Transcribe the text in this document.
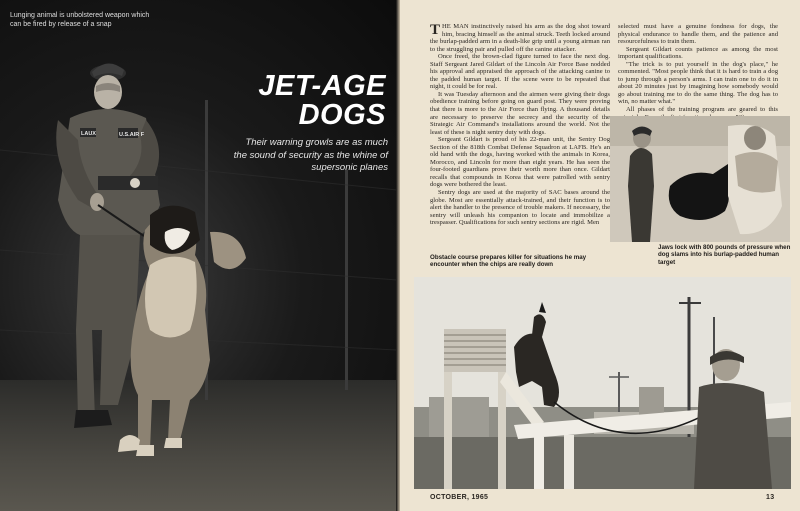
U.S.AIR F
LAUX
Lunging animal is unbolstered weapon which can be fired by release of a snap
JET-AGE
DOGS
Their warning growls are as much the sound of security as the whine of supersonic planes

THE MAN instinctively raised his arm as the dog shot toward him, bracing himself as the animal struck. Teeth locked around the burlap-padded arm in a death-like grip until a young airman ran to the struggling pair and pulled off the canine attacker.

Once freed, the brown-clad figure turned to face the next dog. Staff Sergeant Jared Gildart of the Lincoln Air Force Base nodded his approval and appraised the approach of the attacking canine to the padded human target. If the scene were to be repeated that night, it could be for real.

It was Tuesday afternoon and the airmen were giving their dogs obedience training before going on guard post. They were proving that there is more to the Air Force than flying. A thousand details are necessary to preserve the secrecy and the security of the Strategic Air Command's installations around the world. Not the least of these is night sentry duty with dogs.

Sergeant Gildart is proud of his 22-man unit, the Sentry Dog Section of the 818th Combat Defense Squadron at LAFB. He's an old hand with the dogs, having worked with the animals in Korea, Morocco, and Lincoln for more than eight years. He has seen the four-footed guardians prove their worth more than once. Gildart recalls that compounds in Korea that were patrolled with sentry dogs were bothered the least.

Sentry dogs are used at the majority of SAC bases around the globe. Most are essentially attack-trained, and their function is to alert the handler to the presence of trouble makers. If necessary, the sentry will unleash his companion to locate and immobilize a trespasser. Qualifications for such sentry sections are rigid. Men

selected must have a genuine fondness for dogs, the physical endurance to handle them, and the patience and resourcefulness to train them.

Sergeant Gildart counts patience as among the most important qualifications.

"The trick is to put yourself in the dog's place," he commented. "Most people think that it is hard to train a dog to jump through a person's arms. I can train one to do it in about 20 minutes just by imagining how somebody would go about training me to do the same thing. The dog has to win, no matter what."

All phases of the training program are geared to this

Jaws lock with 800 pounds of pressure when dog slams into his burlap-padded human target
Obstacle course prepares killer for situations he may encounter when the chips are really down
OCTOBER, 1965	13
